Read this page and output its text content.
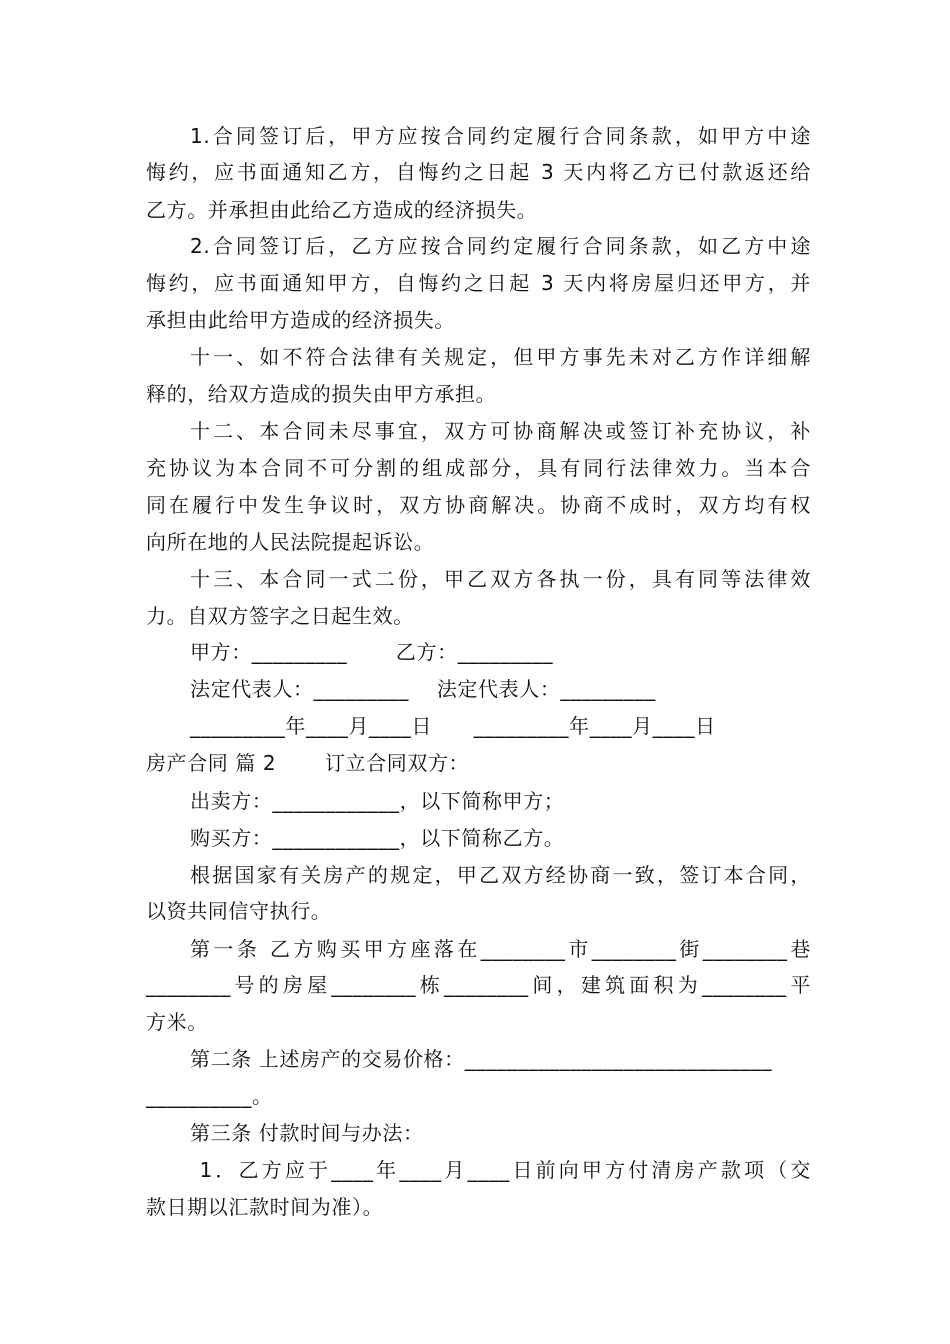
1.合同签订后，甲方应按合同约定履行合同条款，如甲方中途
悔约，应书面通知乙方，自悔约之日起 3 天内将乙方已付款返还给
乙方。并承担由此给乙方造成的经济损失。
2.合同签订后，乙方应按合同约定履行合同条款，如乙方中途
悔约，应书面通知甲方，自悔约之日起 3 天内将房屋归还甲方，并
承担由此给甲方造成的经济损失。
十一、如不符合法律有关规定，但甲方事先未对乙方作详细解
释的，给双方造成的损失由甲方承担。
十二、本合同未尽事宜，双方可协商解决或签订补充协议，补
充协议为本合同不可分割的组成部分，具有同行法律效力。当本合
同在履行中发生争议时，双方协商解决。协商不成时，双方均有权
向所在地的人民法院提起诉讼。
十三、本合同一式二份，甲乙双方各执一份，具有同等法律效
力。自双方签字之日起生效。
甲方：_________       乙方：_________
法定代表人：_________    法定代表人：_________
_________年____月____日      _________年____月____日
房产合同 篇 2       订立合同双方：
出卖方：____________，以下简称甲方；
购买方：____________，以下简称乙方。
根据国家有关房产的规定，甲乙双方经协商一致，签订本合同，
以资共同信守执行。
第一条 乙方购买甲方座落在________市________街________巷
________号的房屋________栋________间，建筑面积为________平
方米。
第二条 上述房产的交易价格：_____________________________
__________。
第三条 付款时间与办法：
1．乙方应于____年____月____日前向甲方付清房产款项（交
款日期以汇款时间为准）。
